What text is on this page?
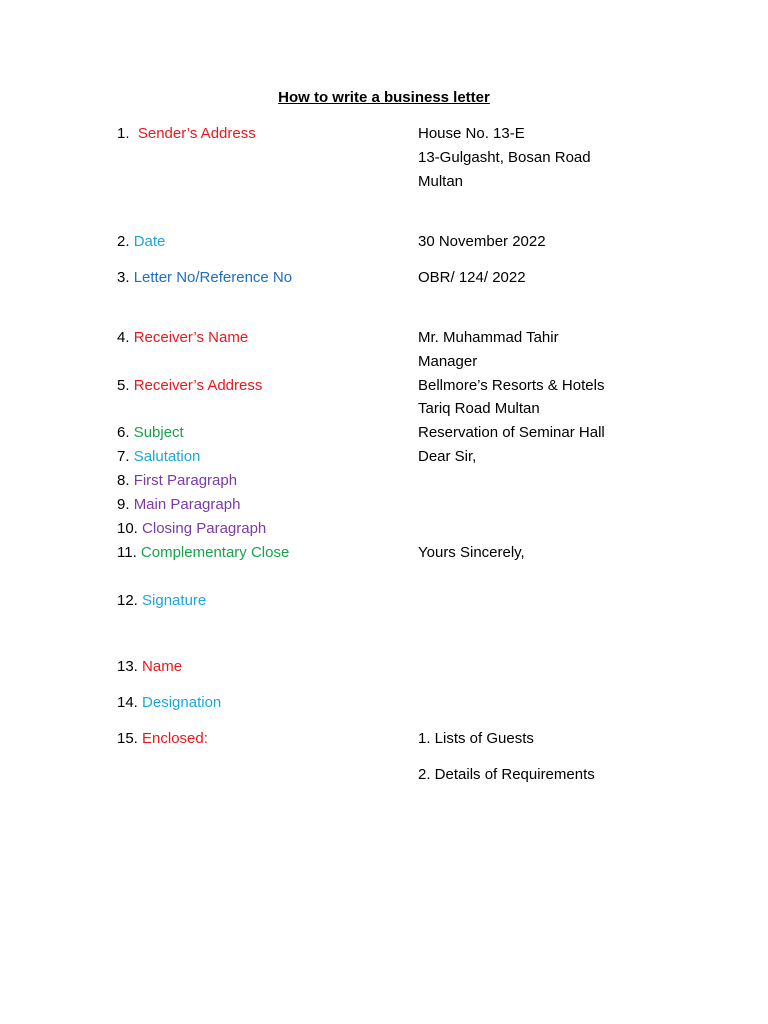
How to write a business letter
1. Sender’s Address
2. Date
3. Letter No/Reference No
4. Receiver’s Name
5. Receiver’s Address
6. Subject
7. Salutation
8. First Paragraph
9. Main Paragraph
10. Closing Paragraph
11. Complementary Close
12. Signature
13. Name
14. Designation
15. Enclosed:
House No. 13-E
13-Gulgasht, Bosan Road
Multan
30 November 2022
OBR/ 124/ 2022
Mr. Muhammad Tahir
Manager
Bellmore’s Resorts & Hotels
Tariq Road Multan
Reservation of Seminar Hall
Dear Sir,
Yours Sincerely,
1. Lists of Guests
2. Details of Requirements
